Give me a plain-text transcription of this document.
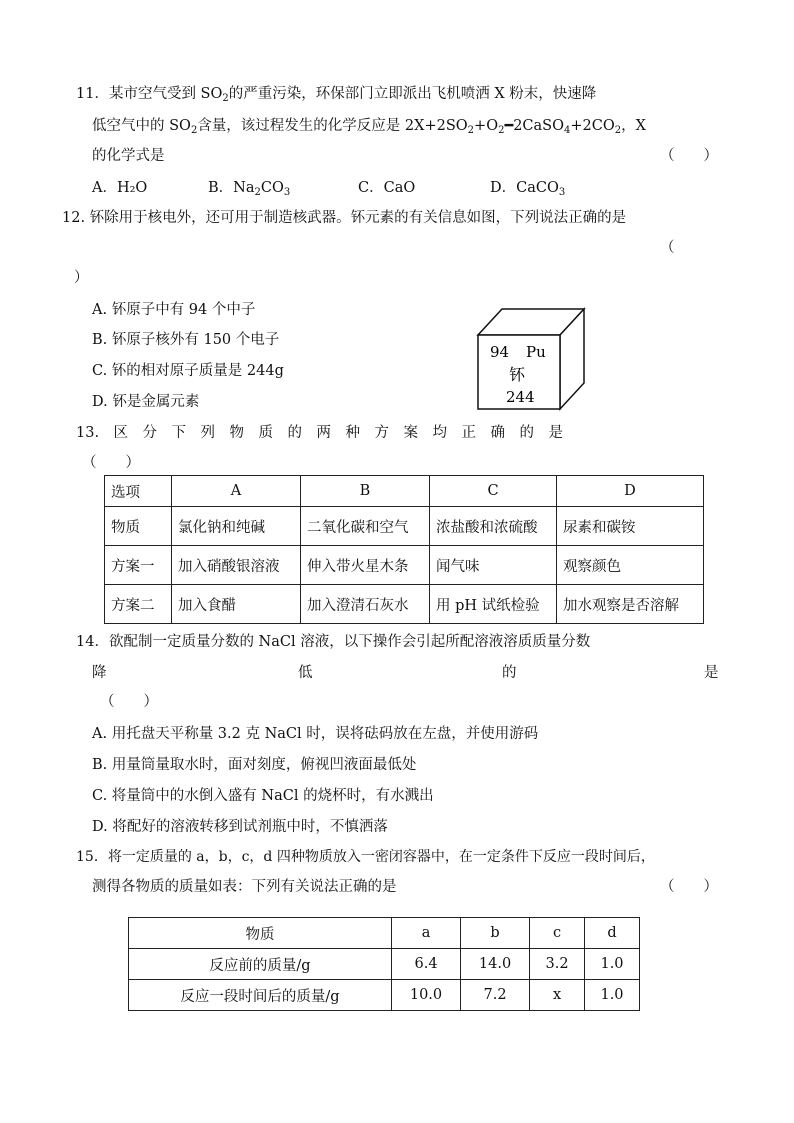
11．某市空气受到 $SO_2$的严重污染，环保部门立即派出飞机喷洒 X 粉末，快速降
低空气中的 $SO_2$含量，该过程发生的化学反应是 $2X+2SO_2+O_2━2CaSO_4+2CO_2$，X
的化学式是	（　　）
A．H₂O	B．$Na_2CO_3$	C．CaO	D．CaCO$_3$
12. 钚除用于核电外，还可用于制造核武器。钚元素的有关信息如图，下列说法正确的是
（
）
A. 钚原子中有 94 个中子
B. 钚原子核外有 150 个电子
C. 钚的相对原子质量是 244g
D. 钚是金属元素
94 Pu
钚
244
13.　区　分　下　列　物　质　的　两　种　方　案　均　正　确　的　是
（　　）
选项	A	B	C	D
物质	氯化钠和纯碱	二氧化碳和空气	浓盐酸和浓硫酸	尿素和碳铵
方案一	加入硝酸银溶液	伸入带火星木条	闻气味	观察颜色
方案二	加入食醋	加入澄清石灰水	用 pH 试纸检验	加水观察是否溶解
14．欲配制一定质量分数的 NaCl 溶液，以下操作会引起所配溶液溶质质量分数
降	低	的	是
（　　）
A. 用托盘天平称量 3.2 克 NaCl 时，误将砝码放在左盘，并使用游码
B. 用量筒量取水时，面对刻度，俯视凹液面最低处
C. 将量筒中的水倒入盛有 NaCl 的烧杯时，有水溅出
D. 将配好的溶液转移到试剂瓶中时，不慎洒落
15．将一定质量的 a，b，c，d 四种物质放入一密闭容器中，在一定条件下反应一段时间后，
测得各物质的质量如表：下列有关说法正确的是	（　　）
物质	a	b	c	d
反应前的质量/g	6.4	14.0	3.2	1.0
反应一段时间后的质量/g	10.0	7.2	x	1.0
